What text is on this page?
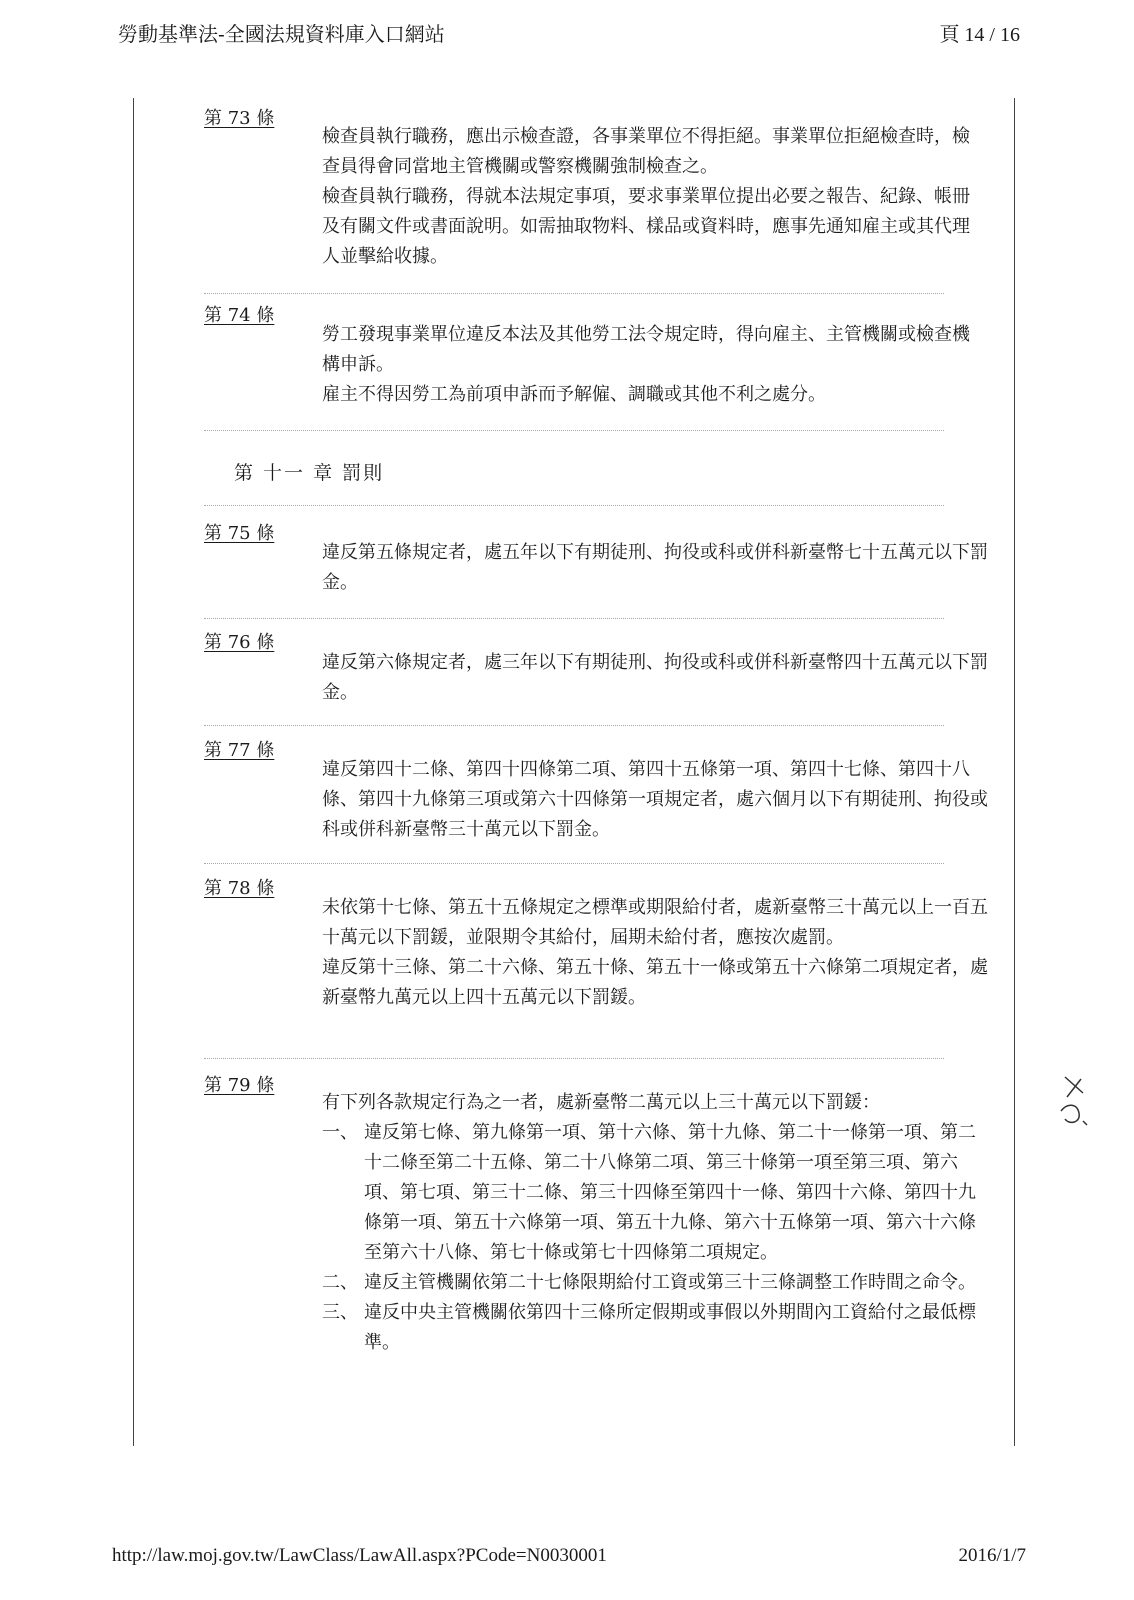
勞動基準法-全國法規資料庫入口網站	頁 14 / 16
第 73 條

檢查員執行職務，應出示檢查證，各事業單位不得拒絕。事業單位拒絕檢查時，檢查員得會同當地主管機關或警察機關強制檢查之。

檢查員執行職務，得就本法規定事項，要求事業單位提出必要之報告、紀錄、帳冊及有關文件或書面說明。如需抽取物料、樣品或資料時，應事先通知雇主或其代理人並擊給收據。

第 74 條

勞工發現事業單位違反本法及其他勞工法令規定時，得向雇主、主管機關或檢查機構申訴。

雇主不得因勞工為前項申訴而予解僱、調職或其他不利之處分。

第 十一 章 罰則
第 75 條

違反第五條規定者，處五年以下有期徒刑、拘役或科或併科新臺幣七十五萬元以下罰金。

第 76 條

違反第六條規定者，處三年以下有期徒刑、拘役或科或併科新臺幣四十五萬元以下罰金。

第 77 條

違反第四十二條、第四十四條第二項、第四十五條第一項、第四十七條、第四十八條、第四十九條第三項或第六十四條第一項規定者，處六個月以下有期徒刑、拘役或科或併科新臺幣三十萬元以下罰金。

第 78 條

未依第十七條、第五十五條規定之標準或期限給付者，處新臺幣三十萬元以上一百五十萬元以下罰鍰，並限期令其給付，屆期未給付者，應按次處罰。

違反第十三條、第二十六條、第五十條、第五十一條或第五十六條第二項規定者，處新臺幣九萬元以上四十五萬元以下罰鍰。

第 79 條

有下列各款規定行為之一者，處新臺幣二萬元以上三十萬元以下罰鍰：

一、 違反第七條、第九條第一項、第十六條、第十九條、第二十一條第一項、第二十二條至第二十五條、第二十八條第二項、第三十條第一項至第三項、第六項、第七項、第三十二條、第三十四條至第四十一條、第四十六條、第四十九條第一項、第五十六條第一項、第五十九條、第六十五條第一項、第六十六條至第六十八條、第七十條或第七十四條第二項規定。
二、 違反主管機關依第二十七條限期給付工資或第三十三條調整工作時間之命令。
三、 違反中央主管機關依第四十三條所定假期或事假以外期間內工資給付之最低標準。
http://law.moj.gov.tw/LawClass/LawAll.aspx?PCode=N0030001	2016/1/7
